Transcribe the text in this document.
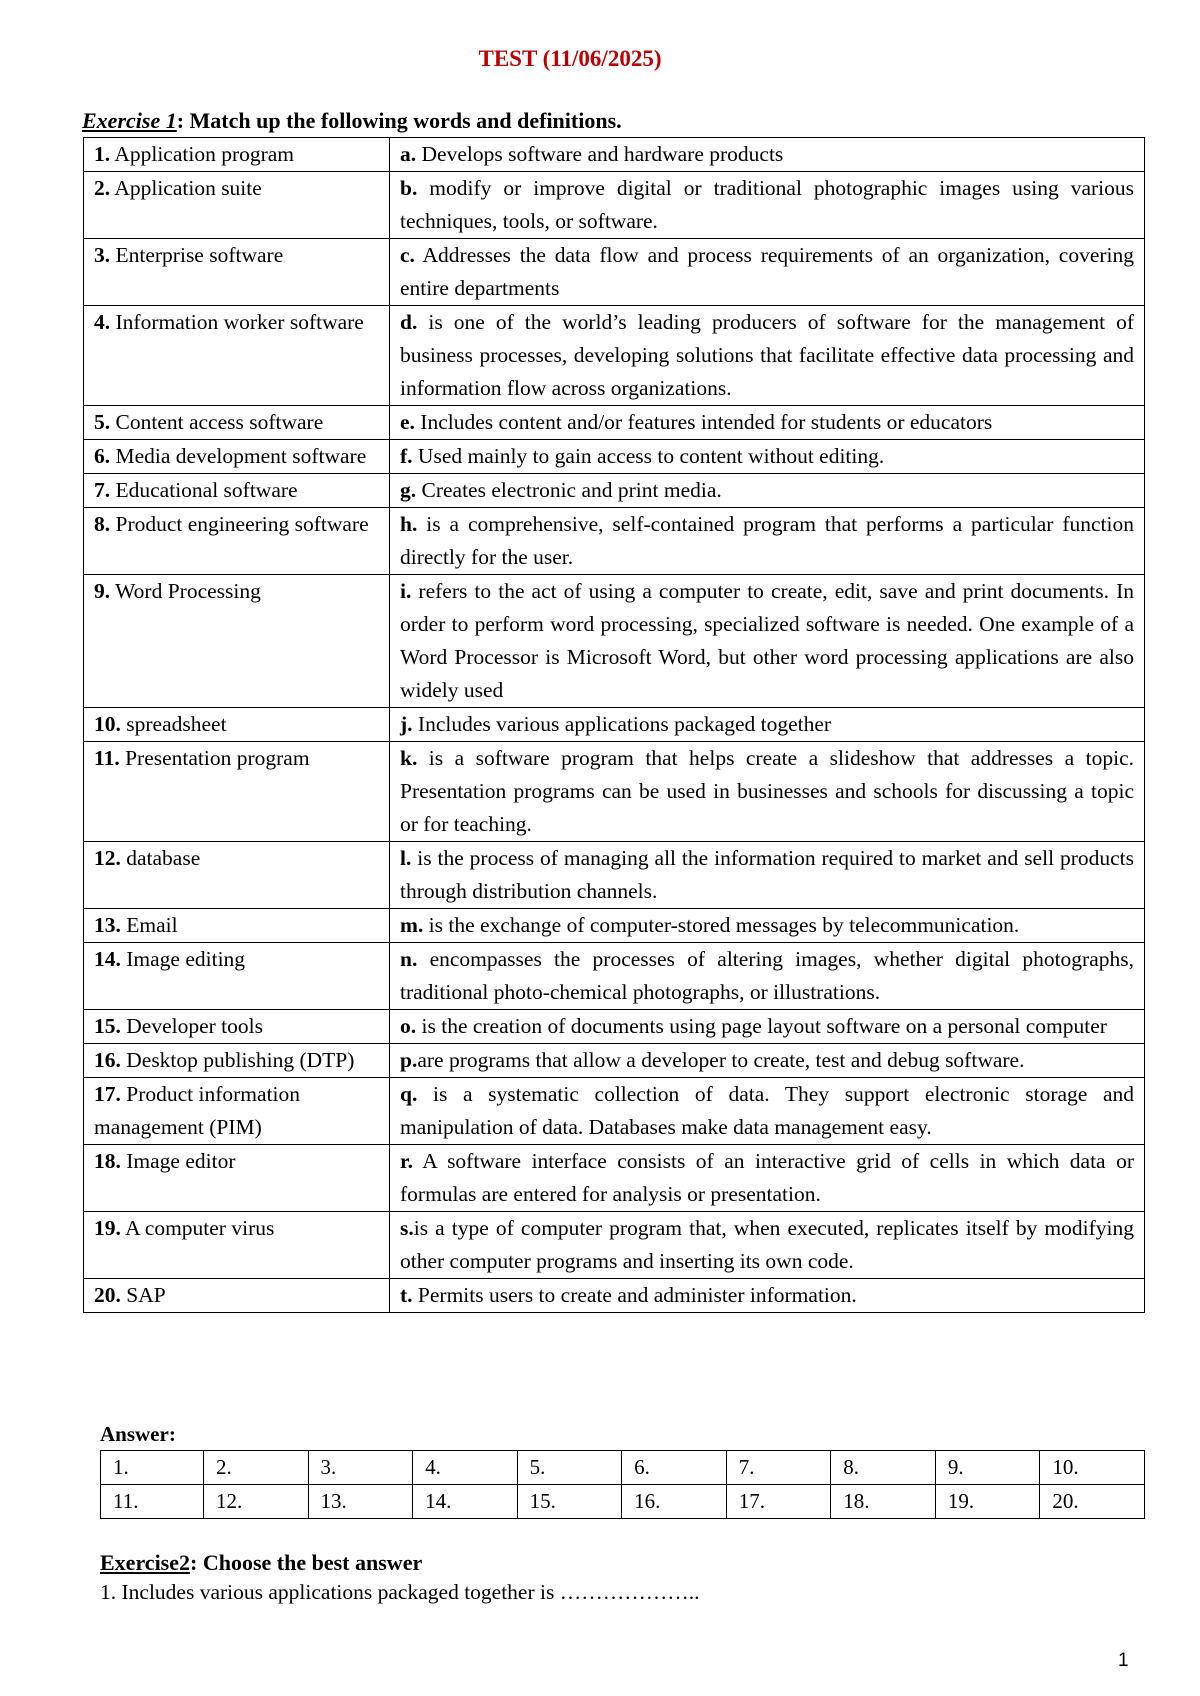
TEST (11/06/2025)
Exercise 1: Match up the following words and definitions.
1. Application program	a. Develops software and hardware products
2. Application suite	b. modify or improve digital or traditional photographic images using various techniques, tools, or software.
3. Enterprise software	c. Addresses the data flow and process requirements of an organization, covering entire departments
4. Information worker software	d. is one of the world’s leading producers of software for the management of business processes, developing solutions that facilitate effective data processing and information flow across organizations.
5. Content access software	e. Includes content and/or features intended for students or educators
6. Media development software	f. Used mainly to gain access to content without editing.
7. Educational software	g. Creates electronic and print media.
8. Product engineering software	h. is a comprehensive, self-contained program that performs a particular function directly for the user.
9. Word Processing	i. refers to the act of using a computer to create, edit, save and print documents. In order to perform word processing, specialized software is needed. One example of a Word Processor is Microsoft Word, but other word processing applications are also widely used
10. spreadsheet	j. Includes various applications packaged together
11. Presentation program	k. is a software program that helps create a slideshow that addresses a topic. Presentation programs can be used in businesses and schools for discussing a topic or for teaching.
12. database	l. is the process of managing all the information required to market and sell products through distribution channels.
13. Email	m. is the exchange of computer-stored messages by telecommunication.
14. Image editing	n. encompasses the processes of altering images, whether digital photographs, traditional photo-chemical photographs, or illustrations.
15. Developer tools	o. is the creation of documents using page layout software on a personal computer
16. Desktop publishing (DTP)	p.are programs that allow a developer to create, test and debug software.
17. Product information management (PIM)	q. is a systematic collection of data. They support electronic storage and manipulation of data. Databases make data management easy.
18. Image editor	r. A software interface consists of an interactive grid of cells in which data or formulas are entered for analysis or presentation.
19. A computer virus	s.is a type of computer program that, when executed, replicates itself by modifying other computer programs and inserting its own code.
20. SAP	t. Permits users to create and administer information.
Answer:
1.	2.	3.	4.	5.	6.	7.	8.	9.	10.
11.	12.	13.	14.	15.	16.	17.	18.	19.	20.
Exercise2: Choose the best answer
1. Includes various applications packaged together is ………………..
1
